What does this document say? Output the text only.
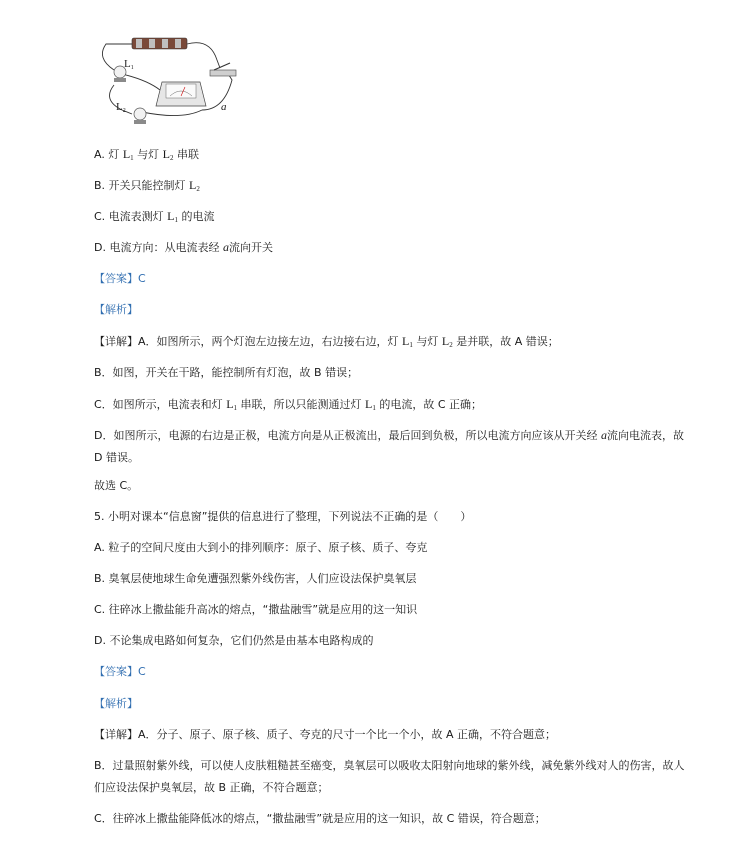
L1
L2	a
A. 灯 L1 与灯 L2 串联
B. 开关只能控制灯 L2
C. 电流表测灯 L1 的电流
D. 电流方向：从电流表经 a流向开关
【答案】C
【解析】
【详解】A．如图所示，两个灯泡左边接左边，右边接右边，灯 L1 与灯 L2 是并联，故 A 错误；
B．如图，开关在干路，能控制所有灯泡，故 B 错误；
C．如图所示，电流表和灯 L1 串联，所以只能测通过灯 L1 的电流，故 C 正确；
D．如图所示，电源的右边是正极，电流方向是从正极流出，最后回到负极，所以电流方向应该从开关经 a流向电流表，故 D 错误。
故选 C。
5. 小明对课本“信息窗”提供的信息进行了整理，下列说法不正确的是（　　）
A. 粒子的空间尺度由大到小的排列顺序：原子、原子核、质子、夸克
B. 臭氧层使地球生命免遭强烈紫外线伤害，人们应设法保护臭氧层
C. 往碎冰上撒盐能升高冰的熔点，“撒盐融雪”就是应用的这一知识
D. 不论集成电路如何复杂，它们仍然是由基本电路构成的
【答案】C
【解析】
【详解】A．分子、原子、原子核、质子、夸克的尺寸一个比一个小，故 A 正确，不符合题意；
B．过量照射紫外线，可以使人皮肤粗糙甚至癌变，臭氧层可以吸收太阳射向地球的紫外线，减免紫外线对人的伤害，故人们应设法保护臭氧层，故 B 正确，不符合题意；
C．往碎冰上撒盐能降低冰的熔点，“撒盐融雪”就是应用的这一知识，故 C 错误，符合题意；
